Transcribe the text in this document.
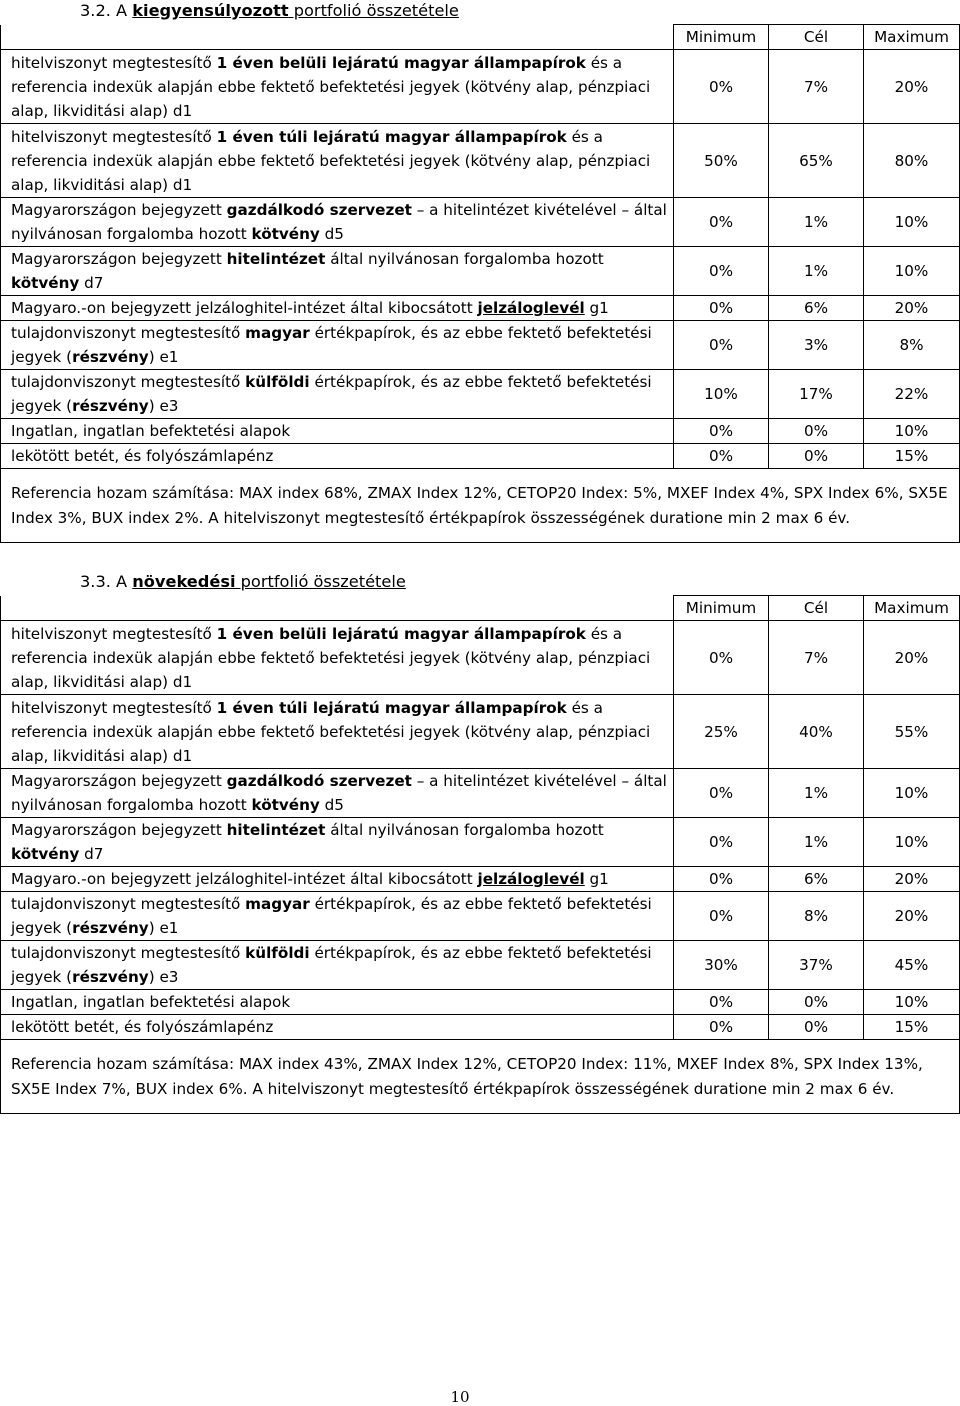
3.2. A kiegyensúlyozott portfolió összetétele
	Minimum	Cél	Maximum
hitelviszonyt megtestesítő 1 éven belüli lejáratú magyar állampapírok és a referencia indexük alapján ebbe fektető befektetési jegyek (kötvény alap, pénzpiaci alap, likviditási alap) d1	0%	7%	20%
hitelviszonyt megtestesítő 1 éven túli lejáratú magyar állampapírok és a referencia indexük alapján ebbe fektető befektetési jegyek (kötvény alap, pénzpiaci alap, likviditási alap) d1	50%	65%	80%
Magyarországon bejegyzett gazdálkodó szervezet – a hitelintézet kivételével – által nyilvánosan forgalomba hozott kötvény d5	0%	1%	10%
Magyarországon bejegyzett hitelintézet által nyilvánosan forgalomba hozott kötvény d7	0%	1%	10%
Magyaro.-on bejegyzett jelzáloghitel-intézet által kibocsátott jelzáloglevél g1	0%	6%	20%
tulajdonviszonyt megtestesítő magyar értékpapírok, és az ebbe fektető befektetési jegyek (részvény) e1	0%	3%	8%
tulajdonviszonyt megtestesítő külföldi értékpapírok, és az ebbe fektető befektetési jegyek (részvény) e3	10%	17%	22%
Ingatlan, ingatlan befektetési alapok	0%	0%	10%
lekötött betét, és folyószámlapénz	0%	0%	15%
Referencia hozam számítása: MAX index 68%, ZMAX Index 12%, CETOP20 Index: 5%, MXEF Index 4%, SPX Index 6%, SX5E Index 3%, BUX index 2%. A hitelviszonyt megtestesítő értékpapírok összességének duratione min 2 max 6 év.			
3.3. A növekedési portfolió összetétele
	Minimum	Cél	Maximum
hitelviszonyt megtestesítő 1 éven belüli lejáratú magyar állampapírok és a referencia indexük alapján ebbe fektető befektetési jegyek (kötvény alap, pénzpiaci alap, likviditási alap) d1	0%	7%	20%
hitelviszonyt megtestesítő 1 éven túli lejáratú magyar állampapírok és a referencia indexük alapján ebbe fektető befektetési jegyek (kötvény alap, pénzpiaci alap, likviditási alap) d1	25%	40%	55%
Magyarországon bejegyzett gazdálkodó szervezet – a hitelintézet kivételével – által nyilvánosan forgalomba hozott kötvény d5	0%	1%	10%
Magyarországon bejegyzett hitelintézet által nyilvánosan forgalomba hozott kötvény d7	0%	1%	10%
Magyaro.-on bejegyzett jelzáloghitel-intézet által kibocsátott jelzáloglevél g1	0%	6%	20%
tulajdonviszonyt megtestesítő magyar értékpapírok, és az ebbe fektető befektetési jegyek (részvény) e1	0%	8%	20%
tulajdonviszonyt megtestesítő külföldi értékpapírok, és az ebbe fektető befektetési jegyek (részvény) e3	30%	37%	45%
Ingatlan, ingatlan befektetési alapok	0%	0%	10%
lekötött betét, és folyószámlapénz	0%	0%	15%
Referencia hozam számítása: MAX index 43%, ZMAX Index 12%, CETOP20 Index: 11%, MXEF Index 8%, SPX Index 13%, SX5E Index 7%, BUX index 6%. A hitelviszonyt megtestesítő értékpapírok összességének duratione min 2 max 6 év.			
10
